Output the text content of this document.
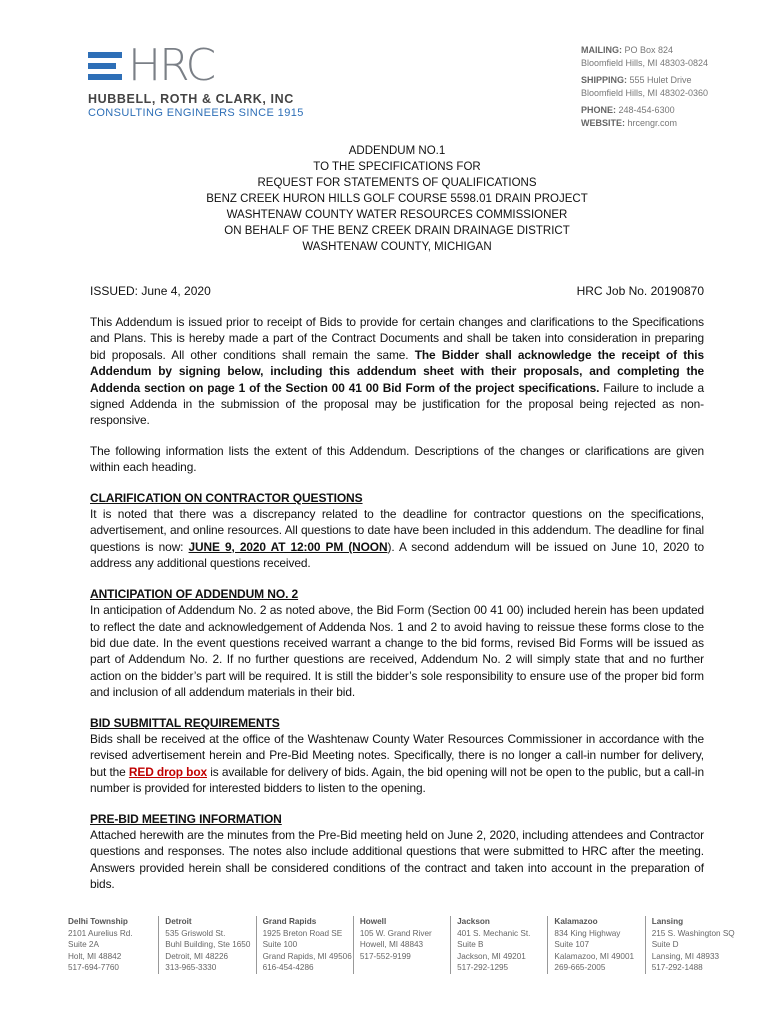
HRC
HUBBELL, ROTH & CLARK, INC
CONSULTING ENGINEERS SINCE 1915
MAILING: PO Box 824
Bloomfield Hills, MI 48303-0824
SHIPPING: 555 Hulet Drive
Bloomfield Hills, MI 48302-0360
PHONE: 248-454-6300
WEBSITE: hrcengr.com
ADDENDUM NO.1
TO THE SPECIFICATIONS FOR
REQUEST FOR STATEMENTS OF QUALIFICATIONS
BENZ CREEK HURON HILLS GOLF COURSE 5598.01 DRAIN PROJECT
WASHTENAW COUNTY WATER RESOURCES COMMISSIONER
ON BEHALF OF THE BENZ CREEK DRAIN DRAINAGE DISTRICT
WASHTENAW COUNTY, MICHIGAN
ISSUED: June 4, 2020	HRC Job No. 20190870

This Addendum is issued prior to receipt of Bids to provide for certain changes and clarifications to the Specifications and Plans. This is hereby made a part of the Contract Documents and shall be taken into consideration in preparing bid proposals. All other conditions shall remain the same. The Bidder shall acknowledge the receipt of this Addendum by signing below, including this addendum sheet with their proposals, and completing the Addenda section on page 1 of the Section 00 41 00 Bid Form of the project specifications. Failure to include a signed Addenda in the submission of the proposal may be justification for the proposal being rejected as non-responsive.

The following information lists the extent of this Addendum. Descriptions of the changes or clarifications are given within each heading.

CLARIFICATION ON CONTRACTOR QUESTIONS
It is noted that there was a discrepancy related to the deadline for contractor questions on the specifications, advertisement, and online resources. All questions to date have been included in this addendum. The deadline for final questions is now: JUNE 9, 2020 AT 12:00 PM (NOON). A second addendum will be issued on June 10, 2020 to address any additional questions received.
ANTICIPATION OF ADDENDUM NO. 2
In anticipation of Addendum No. 2 as noted above, the Bid Form (Section 00 41 00) included herein has been updated to reflect the date and acknowledgement of Addenda Nos. 1 and 2 to avoid having to reissue these forms close to the bid due date. In the event questions received warrant a change to the bid forms, revised Bid Forms will be issued as part of Addendum No. 2. If no further questions are received, Addendum No. 2 will simply state that and no further action on the bidder’s part will be required. It is still the bidder’s sole responsibility to ensure use of the proper bid form and inclusion of all addendum materials in their bid.
BID SUBMITTAL REQUIREMENTS
Bids shall be received at the office of the Washtenaw County Water Resources Commissioner in accordance with the revised advertisement herein and Pre-Bid Meeting notes. Specifically, there is no longer a call-in number for delivery, but the RED drop box is available for delivery of bids. Again, the bid opening will not be open to the public, but a call-in number is provided for interested bidders to listen to the opening.
PRE-BID MEETING INFORMATION
Attached herewith are the minutes from the Pre-Bid meeting held on June 2, 2020, including attendees and Contractor questions and responses. The notes also include additional questions that were submitted to HRC after the meeting. Answers provided herein shall be considered conditions of the contract and taken into account in the preparation of bids.
Delhi Township
2101 Aurelius Rd.
Suite 2A
Holt, MI 48842
517-694-7760
Detroit
535 Griswold St.
Buhl Building, Ste 1650
Detroit, MI 48226
313-965-3330
Grand Rapids
1925 Breton Road SE
Suite 100
Grand Rapids, MI 49506
616-454-4286
Howell
105 W. Grand River
Howell, MI 48843
517-552-9199
Jackson
401 S. Mechanic St.
Suite B
Jackson, MI 49201
517-292-1295
Kalamazoo
834 King Highway
Suite 107
Kalamazoo, MI 49001
269-665-2005
Lansing
215 S. Washington SQ
Suite D
Lansing, MI 48933
517-292-1488
